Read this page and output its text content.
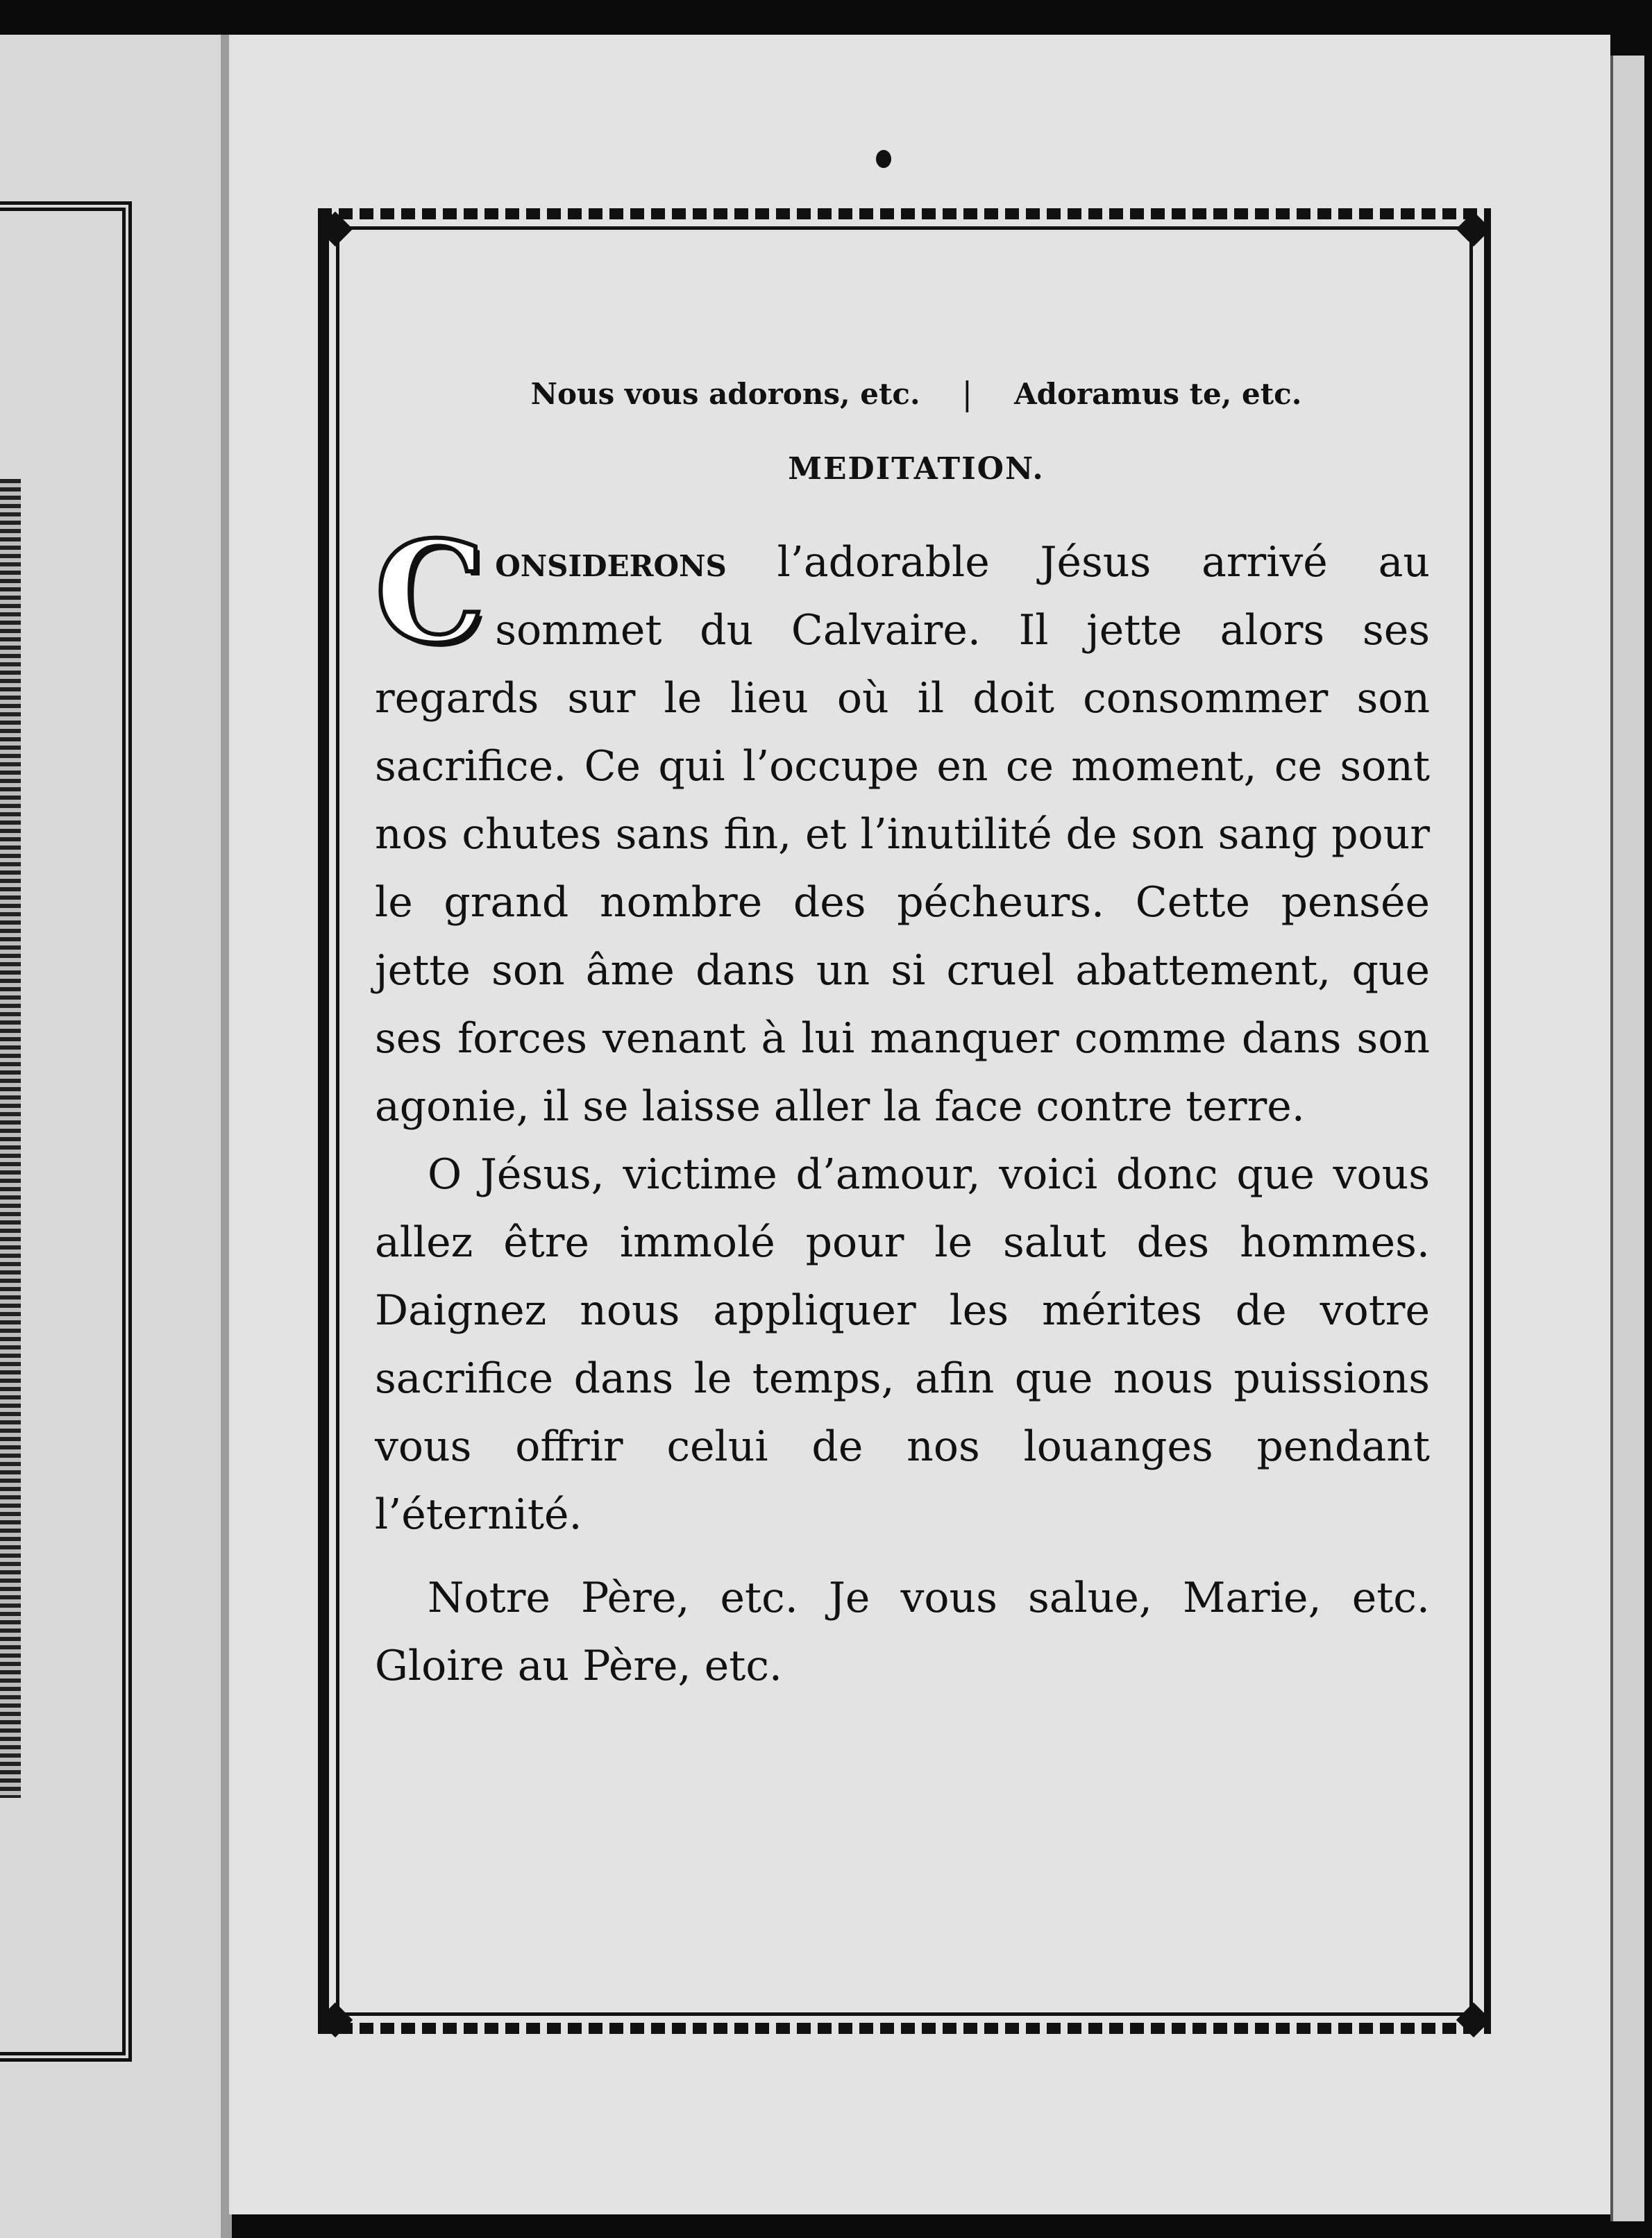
◆	◆
◆	◆
Nous vous adorons, etc. | Adoramus te, etc.
MEDITATION.

Considerons l’adorable Jésus arrivé au sommet du Calvaire. Il jette alors ses regards sur le lieu où il doit consommer son sacrifice. Ce qui l’occupe en ce moment, ce sont nos chutes sans fin, et l’inutilité de son sang pour le grand nombre des pécheurs. Cette pensée jette son âme dans un si cruel abattement, que ses forces venant à lui manquer comme dans son agonie, il se laisse aller la face contre terre.

O Jésus, victime d’amour, voici donc que vous allez être immolé pour le salut des hommes. Daignez nous appliquer les mérites de votre sacrifice dans le temps, afin que nous puissions vous offrir celui de nos louanges pendant l’éternité.

Notre Père, etc. Je vous salue, Marie, etc. Gloire au Père, etc.
